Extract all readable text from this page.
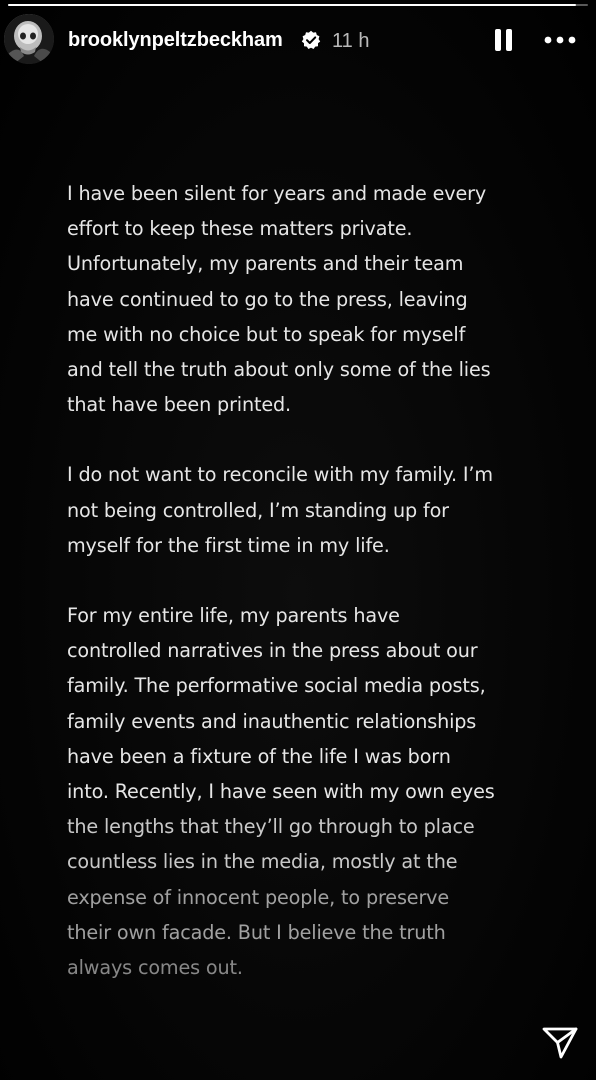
brooklynpeltzbeckham 11 h

I have been silent for years and made every
effort to keep these matters private.
Unfortunately, my parents and their team
have continued to go to the press, leaving
me with no choice but to speak for myself
and tell the truth about only some of the lies
that have been printed.

I do not want to reconcile with my family. I’m
not being controlled, I’m standing up for
myself for the first time in my life.

For my entire life, my parents have
controlled narratives in the press about our
family. The performative social media posts,
family events and inauthentic relationships
have been a fixture of the life I was born
into. Recently, I have seen with my own eyes
the lengths that they’ll go through to place
countless lies in the media, mostly at the
expense of innocent people, to preserve
their own facade. But I believe the truth
always comes out.
